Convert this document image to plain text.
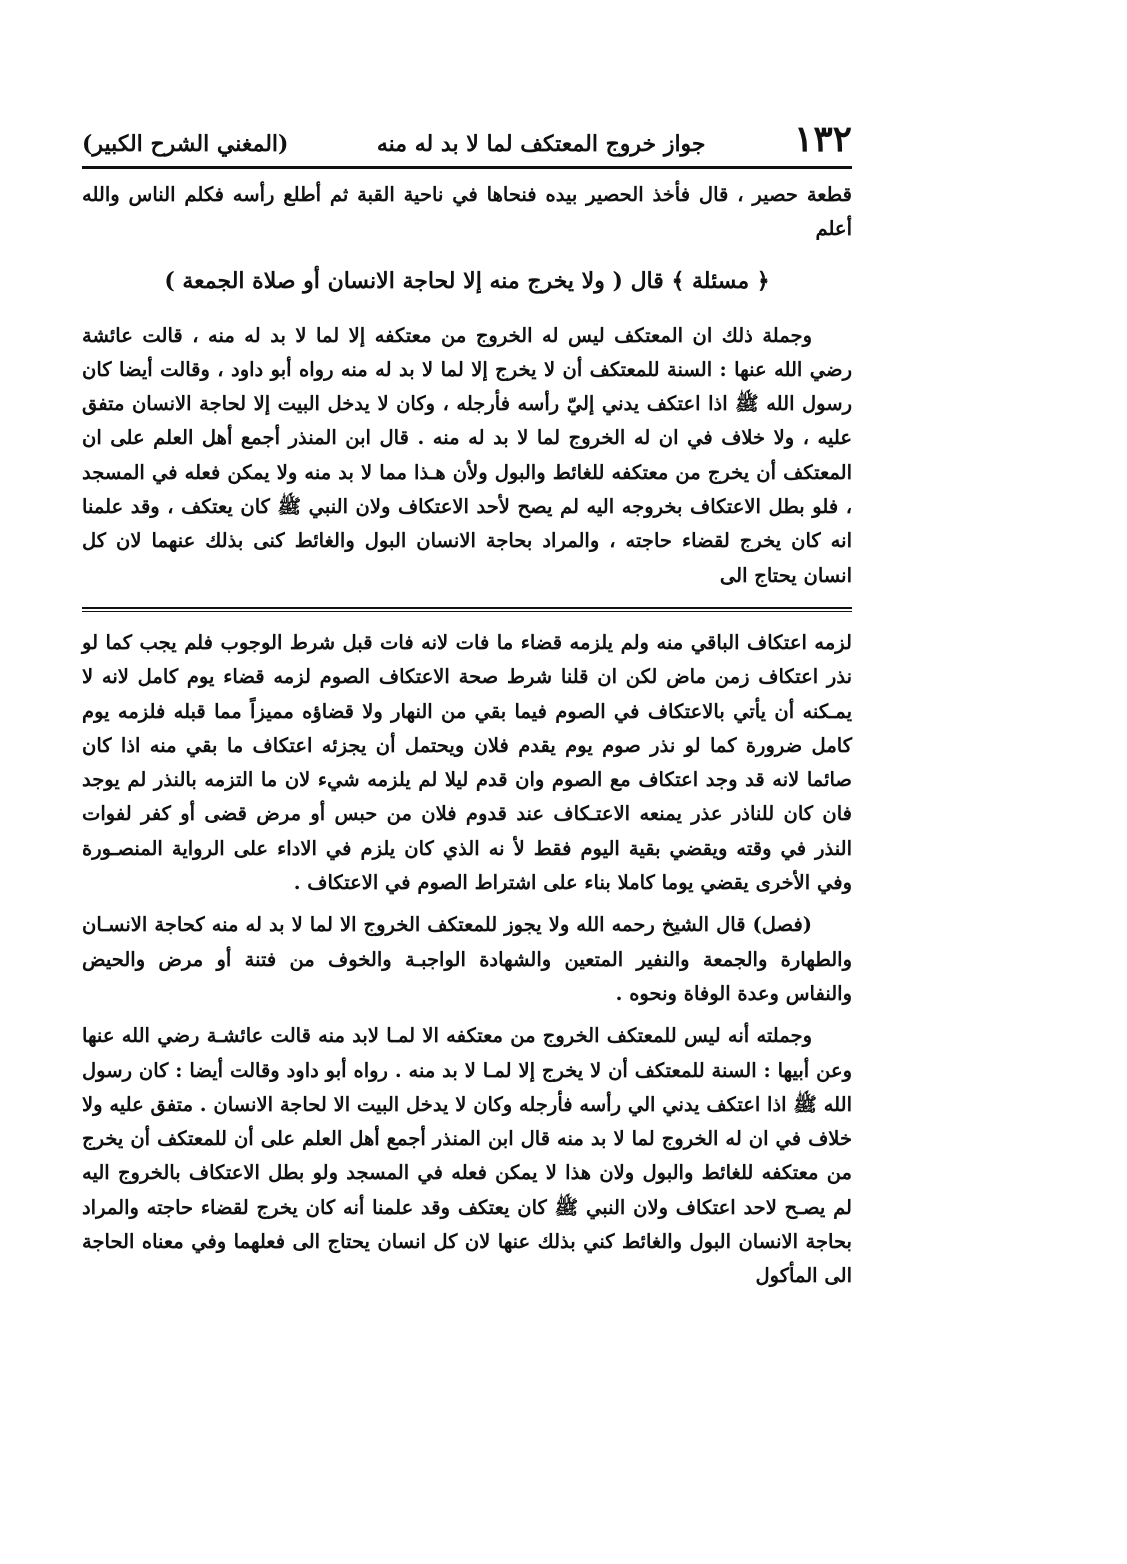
١٣٢
جواز خروج المعتكف لما لا بد له منه
(المغني الشرح الكبير)

قطعة حصير ، قال فأخذ الحصير بيده فنحاها في ناحية القبة ثم أطلع رأسه فكلم الناس والله أعلم

﴿ مسئلة ﴾ قال ( ولا يخرج منه إلا لحاجة الانسان أو صلاة الجمعة )

وجملة ذلك ان المعتكف ليس له الخروج من معتكفه إلا لما لا بد له منه ، قالت عائشة رضي الله عنها : السنة للمعتكف أن لا يخرج إلا لما لا بد له منه رواه أبو داود ، وقالت أيضا كان رسول الله ﷺ اذا اعتكف يدني إليّ رأسه فأرجله ، وكان لا يدخل البيت إلا لحاجة الانسان متفق عليه ، ولا خلاف في ان له الخروج لما لا بد له منه . قال ابن المنذر أجمع أهل العلم على ان المعتكف أن يخرج من معتكفه للغائط والبول ولأن هـذا مما لا بد منه ولا يمكن فعله في المسجد ، فلو بطل الاعتكاف بخروجه اليه لم يصح لأحد الاعتكاف ولان النبي ﷺ كان يعتكف ، وقد علمنا انه كان يخرج لقضاء حاجته ، والمراد بحاجة الانسان البول والغائط كنى بذلك عنهما لان كل انسان يحتاج الى

لزمه اعتكاف الباقي منه ولم يلزمه قضاء ما فات لانه فات قبل شرط الوجوب فلم يجب كما لو نذر اعتكاف زمن ماض لكن ان قلنا شرط صحة الاعتكاف الصوم لزمه قضاء يوم كامل لانه لا يمـكنه أن يأتي بالاعتكاف في الصوم فيما بقي من النهار ولا قضاؤه مميزاً مما قبله فلزمه يوم كامل ضرورة كما لو نذر صوم يوم يقدم فلان ويحتمل أن يجزئه اعتكاف ما بقي منه اذا كان صائما لانه قد وجد اعتكاف مع الصوم وان قدم ليلا لم يلزمه شيء لان ما التزمه بالنذر لم يوجد فان كان للناذر عذر يمنعه الاعتـكاف عند قدوم فلان من حبس أو مرض قضى أو كفر لفوات النذر في وقته ويقضي بقية اليوم فقط لأ نه الذي كان يلزم في الاداء على الرواية المنصـورة وفي الأخرى يقضي يوما كاملا بناء على اشتراط الصوم في الاعتكاف .

(فصل) قال الشيخ رحمه الله ولا يجوز للمعتكف الخروج الا لما لا بد له منه كحاجة الانسـان والطهارة والجمعة والنفير المتعين والشهادة الواجبـة والخوف من فتنة أو مرض والحيض والنفاس وعدة الوفاة ونحوه .

وجملته أنه ليس للمعتكف الخروج من معتكفه الا لمـا لابد منه قالت عائشـة رضي الله عنها وعن أبيها : السنة للمعتكف أن لا يخرج إلا لمـا لا بد منه . رواه أبو داود وقالت أيضا : كان رسول الله ﷺ اذا اعتكف يدني الي رأسه فأرجله وكان لا يدخل البيت الا لحاجة الانسان . متفق عليه ولا خلاف في ان له الخروج لما لا بد منه قال ابن المنذر أجمع أهل العلم على أن للمعتكف أن يخرج من معتكفه للغائط والبول ولان هذا لا يمكن فعله في المسجد ولو بطل الاعتكاف بالخروج اليه لم يصـح لاحد اعتكاف ولان النبي ﷺ كان يعتكف وقد علمنا أنه كان يخرج لقضاء حاجته والمراد بحاجة الانسان البول والغائط كني بذلك عنها لان كل انسان يحتاج الى فعلهما وفي معناه الحاجة الى المأكول
